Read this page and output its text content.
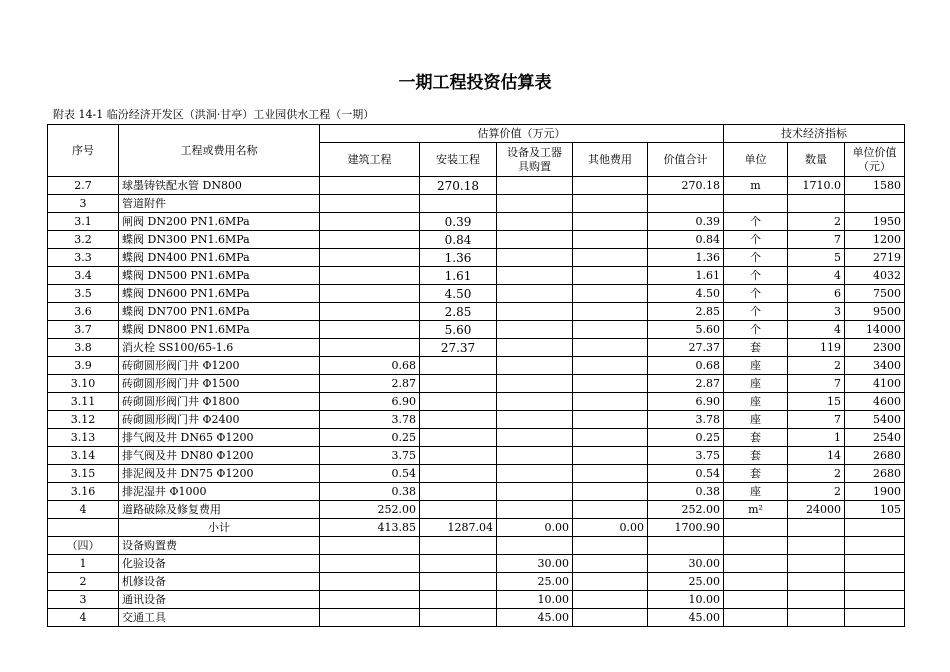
一期工程投资估算表
附表 14-1 临汾经济开发区（洪洞·甘亭）工业园供水工程（一期）
序号	工程或费用名称	估算价值（万元）					技术经济指标		
		建筑工程	安装工程	设备及工器具购置	其他费用	价值合计	单位	数量	单位价值（元）
2.7	球墨铸铁配水管 DN800		270.18			270.18	m	1710.0	1580
3	管道附件								
3.1	闸阀 DN200 PN1.6MPa		0.39			0.39	个	2	1950
3.2	蝶阀 DN300 PN1.6MPa		0.84			0.84	个	7	1200
3.3	蝶阀 DN400 PN1.6MPa		1.36			1.36	个	5	2719
3.4	蝶阀 DN500 PN1.6MPa		1.61			1.61	个	4	4032
3.5	蝶阀 DN600 PN1.6MPa		4.50			4.50	个	6	7500
3.6	蝶阀 DN700 PN1.6MPa		2.85			2.85	个	3	9500
3.7	蝶阀 DN800 PN1.6MPa		5.60			5.60	个	4	14000
3.8	消火栓 SS100/65-1.6		27.37			27.37	套	119	2300
3.9	砖砌圆形阀门井 Φ1200	0.68				0.68	座	2	3400
3.10	砖砌圆形阀门井 Φ1500	2.87				2.87	座	7	4100
3.11	砖砌圆形阀门井 Φ1800	6.90				6.90	座	15	4600
3.12	砖砌圆形阀门井 Φ2400	3.78				3.78	座	7	5400
3.13	排气阀及井 DN65 Φ1200	0.25				0.25	套	1	2540
3.14	排气阀及井 DN80 Φ1200	3.75				3.75	套	14	2680
3.15	排泥阀及井 DN75 Φ1200	0.54				0.54	套	2	2680
3.16	排泥湿井 Φ1000	0.38				0.38	座	2	1900
4	道路破除及修复费用	252.00				252.00	m²	24000	105
	小计	413.85	1287.04	0.00	0.00	1700.90			
（四）	设备购置费								
1	化验设备			30.00		30.00			
2	机修设备			25.00		25.00			
3	通讯设备			10.00		10.00			
4	交通工具			45.00		45.00			
